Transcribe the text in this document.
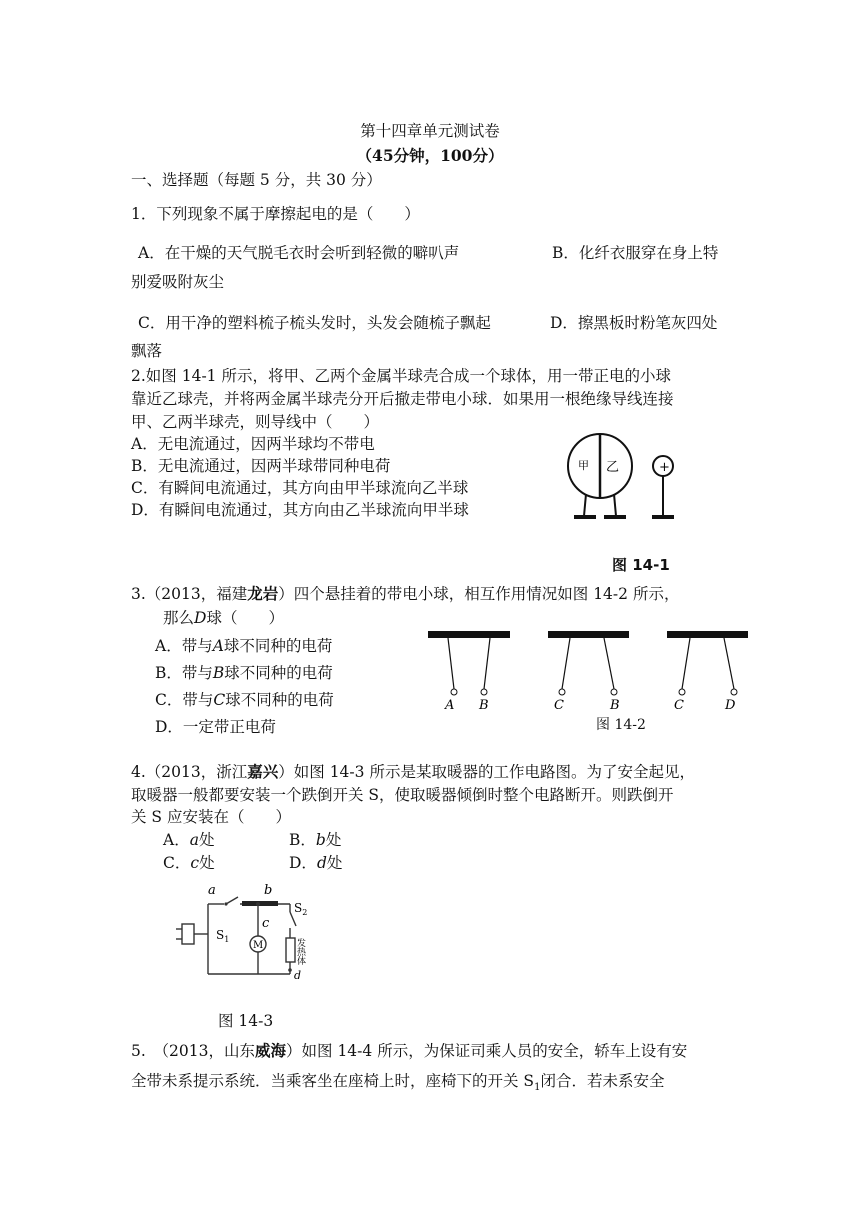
第十四章单元测试卷
（45分钟，100分）
一、选择题（每题 5 分，共 30 分）
1．下列现象不属于摩擦起电的是（　　）
A．在干燥的天气脱毛衣时会听到轻微的噼叭声	B．化纤衣服穿在身上特
别爱吸附灰尘
C．用干净的塑料梳子梳头发时，头发会随梳子飘起	D．擦黑板时粉笔灰四处
飘落
2.如图 14-1 所示，将甲、乙两个金属半球壳合成一个球体，用一带正电的小球
靠近乙球壳，并将两金属半球壳分开后撤走带电小球．如果用一根绝缘导线连接
甲、乙两半球壳，则导线中（　　）
A．无电流通过，因两半球均不带电
B．无电流通过，因两半球带同种电荷
C．有瞬间电流通过，其方向由甲半球流向乙半球
D．有瞬间电流通过，其方向由乙半球流向甲半球
甲 乙	+
图 14-1
3.（2013，福建龙岩）四个悬挂着的带电小球，相互作用情况如图 14-2 所示，
那么D球（　　）
A．带与A球不同种的电荷
B．带与B球不同种的电荷
C．带与C球不同种的电荷
D．一定带正电荷
A B	C	B	C	D
图 14-2
4.（2013，浙江嘉兴）如图 14-3 所示是某取暖器的工作电路图。为了安全起见，
取暖器一般都要安装一个跌倒开关 S，使取暖器倾倒时整个电路断开。则跌倒开
关 S 应安装在（　　）
A．a处	B．b处
C．c处	D．d处
M	发热体
a	b
c
d
$S_1$
$S_2$
图 14-3
5.　（2013，山东威海）如图 14-4 所示，为保证司乘人员的安全，轿车上设有安
全带未系提示系统．当乘客坐在座椅上时，座椅下的开关 $S_1$闭合．若未系安全
